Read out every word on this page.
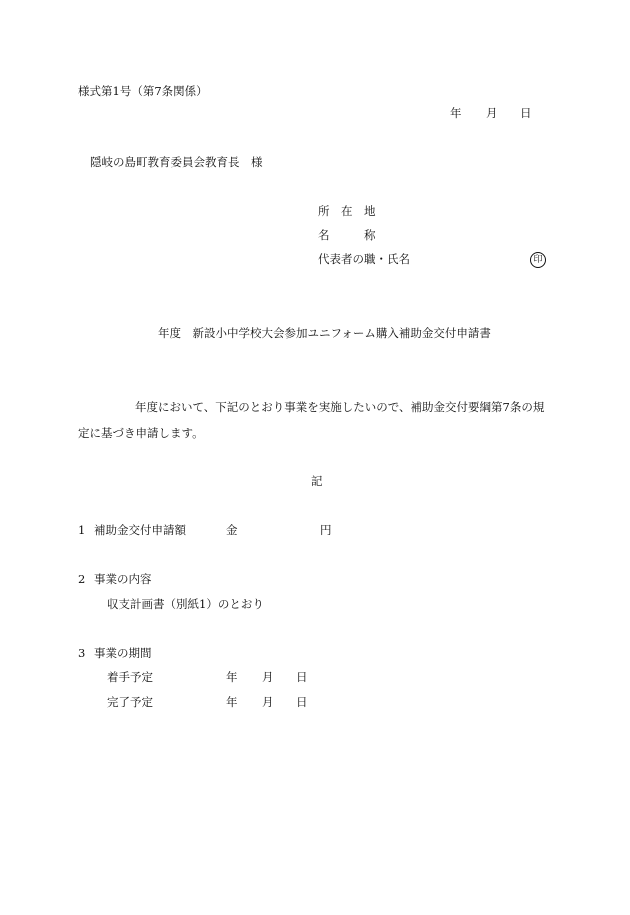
様式第1号（第7条関係）
年 月 日
隠岐の島町教育委員会教育長　様
所　在　地
名　　　称
代表者の職・氏名	印
年度　新設小中学校大会参加ユニフォーム購入補助金交付申請書
年度において、下記のとおり事業を実施したいので、補助金交付要綱第7条の規
定に基づき申請します。
記
1 補助金交付申請額	金	円
2 事業の内容
収支計画書（別紙1）のとおり
3 事業の期間
着手予定	年 月 日
完了予定	年 月 日
